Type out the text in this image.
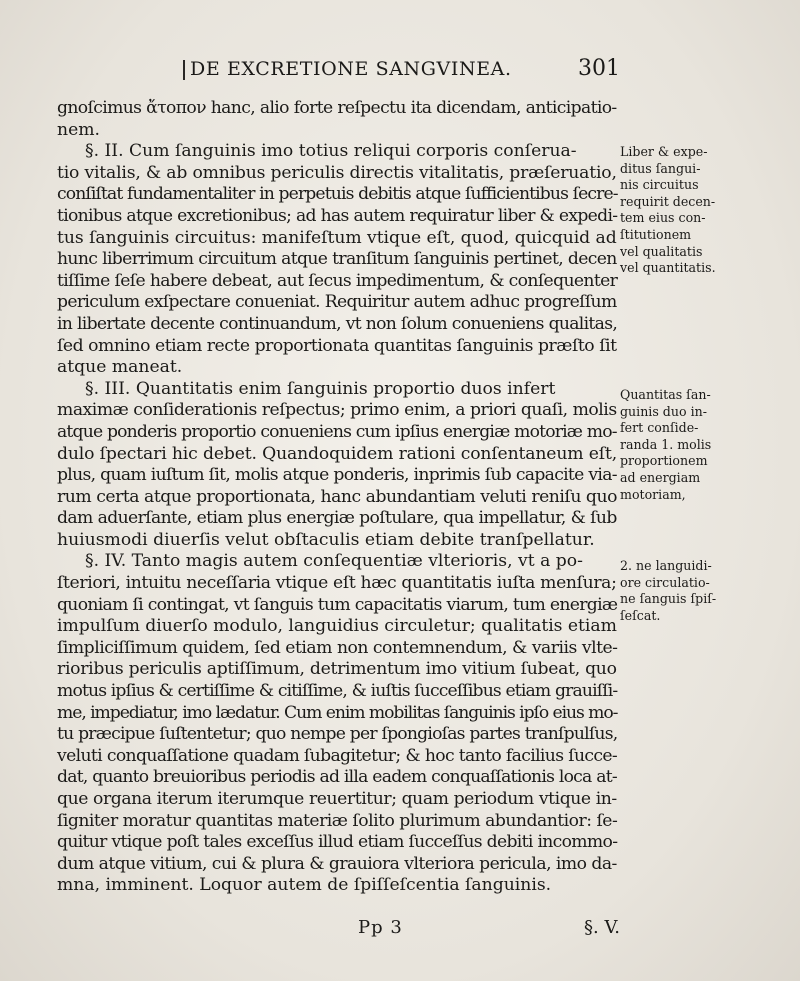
DE EXCRETIONE SANGVINEA.	301
gnoſcimus ἄτοπον hanc, alio forte reſpectu ita dicendam, anticipatio-
nem.
§. II. Cum ſanguinis imo totius reliqui corporis conſerua-
tio vitalis, & ab omnibus periculis directis vitalitatis, præſeruatio,
conſiſtat fundamentaliter in perpetuis debitis atque ſufficientibus ſecre-
tionibus atque excretionibus; ad has autem requiratur liber & expedi-
tus ſanguinis circuitus: manifeſtum vtique eſt, quod, quicquid ad
hunc liberrimum circuitum atque tranſitum ſanguinis pertinet, decen
tiſſime ſeſe habere debeat, aut ſecus impedimentum, & conſequenter
periculum exſpectare conueniat. Requiritur autem adhuc progreſſum
in libertate decente continuandum, vt non ſolum conueniens qualitas,
ſed omnino etiam recte proportionata quantitas ſanguinis præſto ſit
atque maneat.
§. III. Quantitatis enim ſanguinis proportio duos infert
maximæ conſiderationis reſpectus; primo enim, a priori quaſi, molis
atque ponderis proportio conueniens cum ipſius energiæ motoriæ mo-
dulo ſpectari hic debet. Quandoquidem rationi conſentaneum eſt,
plus, quam iuſtum ſit, molis atque ponderis, inprimis ſub capacite via-
rum certa atque proportionata, hanc abundantiam veluti reniſu quo
dam aduerſante, etiam plus energiæ poſtulare, qua impellatur, & ſub
huiusmodi diuerſis velut obſtaculis etiam debite tranſpellatur.
§. IV. Tanto magis autem conſequentiæ vlterioris, vt a po-
ſteriori, intuitu neceſſaria vtique eſt hæc quantitatis iuſta menſura;
quoniam ſi contingat, vt ſanguis tum capacitatis viarum, tum energiæ
impulſum diuerſo modulo, languidius circuletur; qualitatis etiam
ſimpliciſſimum quidem, ſed etiam non contemnendum, & variis vlte-
rioribus periculis aptiſſimum, detrimentum imo vitium ſubeat, quo
motus ipſius & certiſſime & citiſſime, & iuſtis ſucceſſibus etiam grauiſſi-
me, impediatur, imo lædatur. Cum enim mobilitas ſanguinis ipſo eius mo-
tu præcipue ſuſtentetur; quo nempe per ſpongioſas partes tranſpulſus,
veluti conquaſſatione quadam ſubagitetur; & hoc tanto facilius ſucce-
dat, quanto breuioribus periodis ad illa eadem conquaſſationis loca at-
que organa iterum iterumque reuertitur; quam periodum vtique in-
ſigniter moratur quantitas materiæ ſolito plurimum abundantior: ſe-
quitur vtique poſt tales exceſſus illud etiam ſucceſſus debiti incommo-
dum atque vitium, cui & plura & grauiora vlteriora pericula, imo da-
mna, imminent. Loquor autem de ſpiſſeſcentia ſanguinis.
Liber & expe-
ditus ſangui-
nis circuitus
requirit decen-
tem eius con-
ſtitutionem
vel qualitatis
vel quantitatis.
Quantitas ſan-
guinis duo in-
fert conſide-
randa 1. molis
proportionem
ad energiam
motoriam,
2. ne languidi-
ore circulatio-
ne ſanguis ſpiſ-
ſeſcat.
Pp 3	§. V.
